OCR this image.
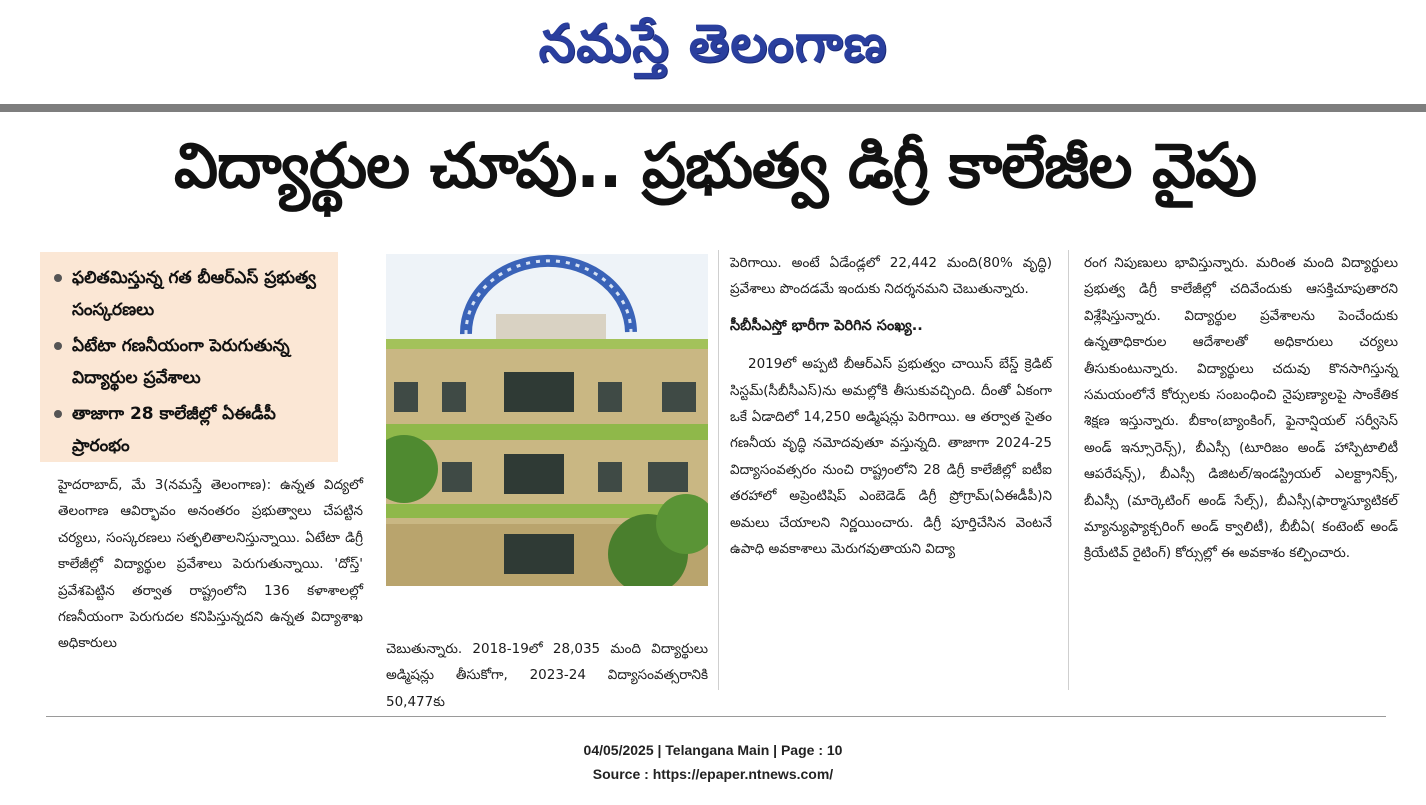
నమస్తే తెలంగాణ
విద్యార్థుల చూపు.. ప్రభుత్వ డిగ్రీ కాలేజీల వైపు
ఫలితమిస్తున్న గత బీఆర్ఎస్ ప్రభుత్వ సంస్కరణలు
ఏటేటా గణనీయంగా పెరుగుతున్న విద్యార్థుల ప్రవేశాలు
తాజాగా 28 కాలేజీల్లో ఏఈడీపీ ప్రారంభం

హైదరాబాద్, మే 3(నమస్తే తెలంగాణ): ఉన్నత విద్యలో తెలంగాణ ఆవిర్భావం అనంతరం ప్రభుత్వాలు చేపట్టిన చర్యలు, సంస్కరణలు సత్ఫలితాలనిస్తున్నాయి. ఏటేటా డిగ్రీ కాలేజీల్లో విద్యార్థుల ప్రవేశాలు పెరుగుతున్నాయి. 'దోస్త్' ప్రవేశపెట్టిన తర్వాత రాష్ట్రంలోని 136 కళాశాలల్లో గణనీయంగా పెరుగుదల కనిపిస్తున్నదని ఉన్నత విద్యాశాఖ అధికారులు	చెబుతున్నారు. 2018-19లో 28,035 మంది విద్యార్థులు అడ్మిషన్లు తీసుకోగా, 2023-24 విద్యాసంవత్సరానికి 50,477కు

పెరిగాయి. అంటే ఏడేండ్లలో 22,442 మంది(80% వృద్ధి) ప్రవేశాలు పొందడమే ఇందుకు నిదర్శనమని చెబుతున్నారు.

సీబీసీఎస్తో భారీగా పెరిగిన సంఖ్య..

2019లో అప్పటి బీఆర్ఎస్ ప్రభుత్వం చాయిస్ బేస్డ్ క్రెడిట్ సిస్టమ్(సీబీసీఎస్)ను అమల్లోకి తీసుకువచ్చింది. దీంతో ఏకంగా ఒకే ఏడాదిలో 14,250 అడ్మిషన్లు పెరిగాయి. ఆ తర్వాత సైతం గణనీయ వృద్ధి నమోదవుతూ వస్తున్నది. తాజాగా 2024-25 విద్యాసంవత్సరం నుంచి రాష్ట్రంలోని 28 డిగ్రీ కాలేజీల్లో ఐటీఐ తరహాలో అప్రెంటిషిప్ ఎంబెడెడ్ డిగ్రీ ప్రోగ్రామ్(ఏఈడీపీ)ని అమలు చేయాలని నిర్ణయించారు. డిగ్రీ పూర్తిచేసిన వెంటనే ఉపాధి అవకాశాలు మెరుగవుతాయని విద్యా

రంగ నిపుణులు భావిస్తున్నారు. మరింత మంది విద్యార్థులు ప్రభుత్వ డిగ్రీ కాలేజీల్లో చదివేందుకు ఆసక్తిచూపుతారని విశ్లేషిస్తున్నారు. విద్యార్థుల ప్రవేశాలను పెంచేందుకు ఉన్నతాధికారుల ఆదేశాలతో అధికారులు చర్యలు తీసుకుంటున్నారు. విద్యార్థులు చదువు కొనసాగిస్తున్న సమయంలోనే కోర్సులకు సంబంధించి నైపుణ్యాలపై సాంకేతిక శిక్షణ ఇస్తున్నారు. బీకాం(బ్యాంకింగ్, ఫైనాన్షియల్ సర్వీసెస్ అండ్ ఇన్సూరెన్స్), బీఎస్సీ (టూరిజం అండ్ హాస్పిటాలిటీ ఆపరేషన్స్), బీఎస్సీ డిజిటల్/ఇండస్ట్రియల్ ఎలక్ట్రానిక్స్, బీఎస్సీ (మార్కెటింగ్ అండ్ సేల్స్), బీఎస్సీ(ఫార్మాస్యూటికల్ మ్యాన్యుఫ్యాక్చరింగ్ అండ్ క్వాలిటీ), బీబీఏ( కంటెంట్ అండ్ క్రియేటివ్ రైటింగ్) కోర్సుల్లో ఈ అవకాశం కల్పించారు.

04/05/2025 | Telangana Main | Page : 10
Source : https://epaper.ntnews.com/
